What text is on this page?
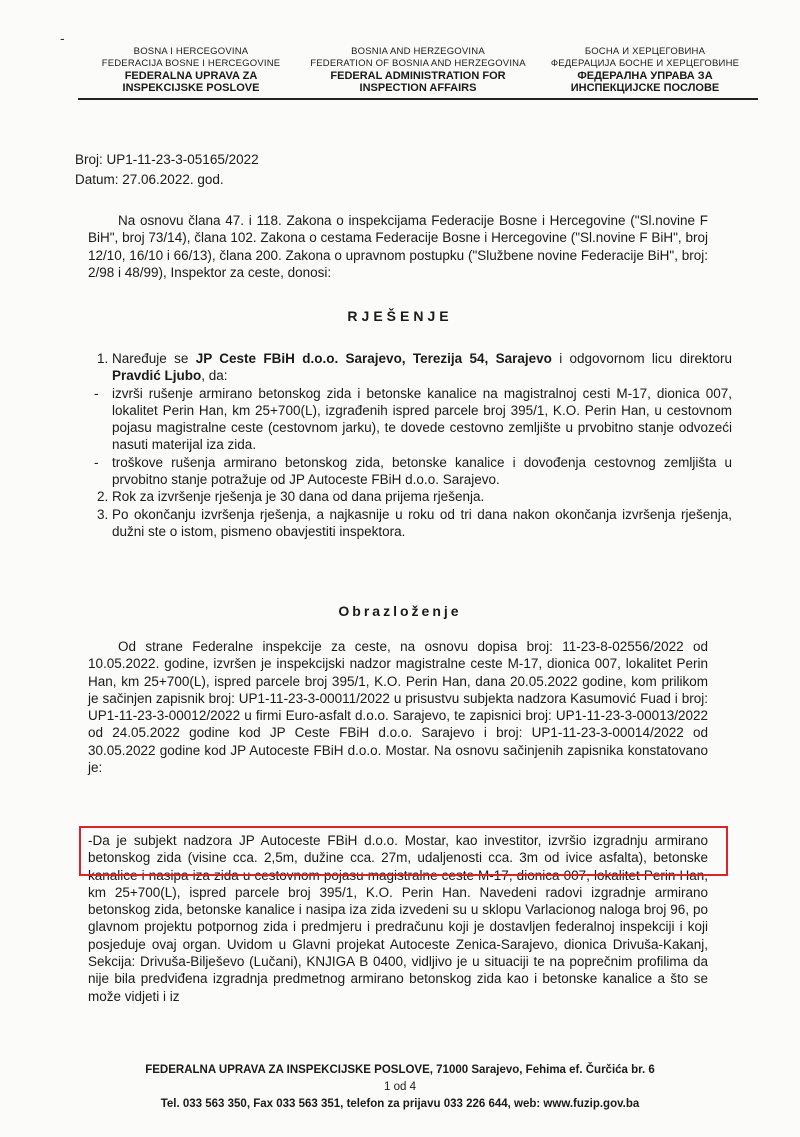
-
BOSNA I HERCEGOVINA
FEDERACIJA BOSNE I HERCEGOVINE
FEDERALNA UPRAVA ZA
INSPEKCIJSKE POSLOVE
BOSNIA AND HERZEGOVINA
FEDERATION OF BOSNIA AND HERZEGOVINA
FEDERAL ADMINISTRATION FOR
INSPECTION AFFAIRS
БОСНА И ХЕРЦЕГОВИНА
ФЕДЕРАЦИЈА БОСНЕ И ХЕРЦЕГОВИНЕ
ФЕДЕРАЛНА УПРАВА ЗА
ИНСПЕКЦИЈСКЕ ПОСЛОВЕ
Broj: UP1-11-23-3-05165/2022
Datum: 27.06.2022. god.
Na osnovu člana 47. i 118. Zakona o inspekcijama Federacije Bosne i Hercegovine ("Sl.novine F BiH", broj 73/14), člana 102. Zakona o cestama Federacije Bosne i Hercegovine ("Sl.novine F BiH", broj 12/10, 16/10 i 66/13), člana 200. Zakona o upravnom postupku ("Službene novine Federacije BiH", broj: 2/98 i 48/99), Inspektor za ceste, donosi:
RJEŠENJE
1. Naređuje se JP Ceste FBiH d.o.o. Sarajevo, Terezija 54, Sarajevo i odgovornom licu direktoru Pravdić Ljubo, da:
- izvrši rušenje armirano betonskog zida i betonske kanalice na magistralnoj cesti M-17, dionica 007, lokalitet Perin Han, km 25+700(L), izgrađenih ispred parcele broj 395/1, K.O. Perin Han, u cestovnom pojasu magistralne ceste (cestovnom jarku), te dovede cestovno zemljište u prvobitno stanje odvozeći nasuti materijal iza zida.
- troškove rušenja armirano betonskog zida, betonske kanalice i dovođenja cestovnog zemljišta u prvobitno stanje potražuje od JP Autoceste FBiH d.o.o. Sarajevo.
2. Rok za izvršenje rješenja je 30 dana od dana prijema rješenja.
3. Po okončanju izvršenja rješenja, a najkasnije u roku od tri dana nakon okončanja izvršenja rješenja, dužni ste o istom, pismeno obavjestiti inspektora.
Obrazloženje
Od strane Federalne inspekcije za ceste, na osnovu dopisa broj: 11-23-8-02556/2022 od 10.05.2022. godine, izvršen je inspekcijski nadzor magistralne ceste M-17, dionica 007, lokalitet Perin Han, km 25+700(L), ispred parcele broj 395/1, K.O. Perin Han, dana 20.05.2022 godine, kom prilikom je sačinjen zapisnik broj: UP1-11-23-3-00011/2022 u prisustvu subjekta nadzora Kasumović Fuad i broj: UP1-11-23-3-00012/2022 u firmi Euro-asfalt d.o.o. Sarajevo, te zapisnici broj: UP1-11-23-3-00013/2022 od 24.05.2022 godine kod JP Ceste FBiH d.o.o. Sarajevo i broj: UP1-11-23-3-00014/2022 od 30.05.2022 godine kod JP Autoceste FBiH d.o.o. Mostar. Na osnovu sačinjenih zapisnika konstatovano je:
-Da je subjekt nadzora JP Autoceste FBiH d.o.o. Mostar, kao investitor, izvršio izgradnju armirano betonskog zida (visine cca. 2,5m, dužine cca. 27m, udaljenosti cca. 3m od ivice asfalta), betonske kanalice i nasipa iza zida u cestovnom pojasu magistralne ceste M-17, dionica 007, lokalitet Perin Han, km 25+700(L), ispred parcele broj 395/1, K.O. Perin Han. Navedeni radovi izgradnje armirano betonskog zida, betonske kanalice i nasipa iza zida izvedeni su u sklopu Varlacionog naloga broj 96, po glavnom projektu potpornog zida i predmjeru i predračunu koji je dostavljen federalnoj inspekciji i koji posjeduje ovaj organ. Uvidom u Glavni projekat Autoceste Zenica-Sarajevo, dionica Drivuša-Kakanj, Sekcija: Drivuša-Bilješevo (Lučani), KNJIGA B 0400, vidljivo je u situaciji te na poprečnim profilima da nije bila predviđena izgradnja predmetnog armirano betonskog zida kao i betonske kanalice a što se može vidjeti i iz
FEDERALNA UPRAVA ZA INSPEKCIJSKE POSLOVE, 71000 Sarajevo, Fehima ef. Čurčića br. 6
1 od 4
Tel. 033 563 350, Fax 033 563 351, telefon za prijavu 033 226 644, web: www.fuzip.gov.ba
